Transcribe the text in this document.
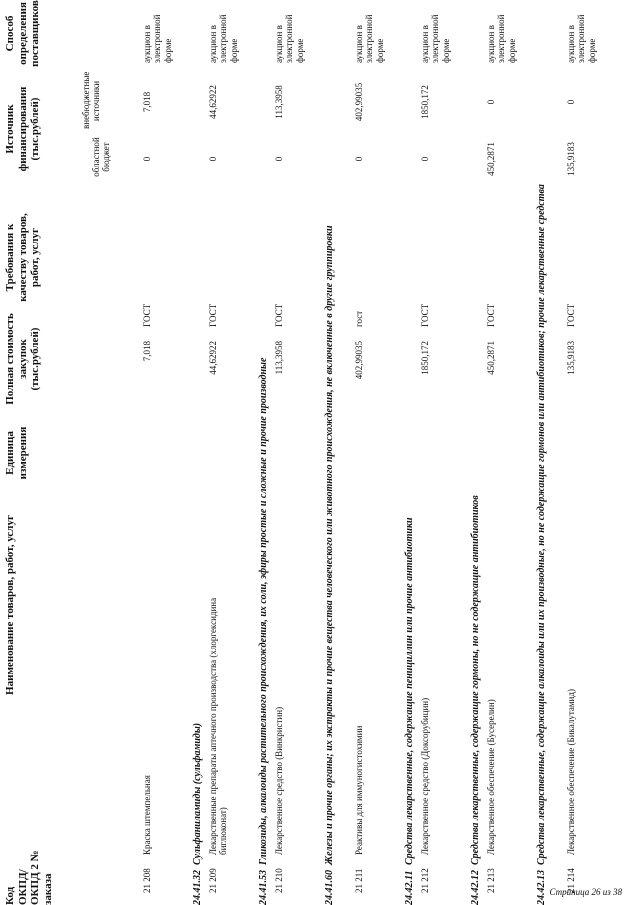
Код ОКПД/ ОКПД 2 № заказа
Наименование товаров, работ, услуг
Единица измерения
Полная стоимость закупок (тыс.рублей)
Требования к качеству товаров, работ, услуг
Источник финансирования (тыс.рублей)	областной бюджет
внебюджетные источники
Способ определения поставщиков
21 208
Краска штемпельная
7,018
ГОСТ
0
7,018
аукцион в электронной форме
24.41.32
Сульфаниламиды (сульфамиды)
21 209
Лекарственные препараты аптечного производства (хлоргексидина биглюконат)
44,62922
ГОСТ
0
44,62922
аукцион в электронной форме
24.41.53
Гликозиды, алкалоиды растительного происхождения, их соли, эфиры простые и сложные и прочие производные
21 210
Лекарственное средство (Винкристин)
113,3958
ГОСТ
0
113,3958
аукцион в электронной форме
24.41.60
Железы и прочие органы; их экстракты и прочие вещества человеческого или животного происхождения, не включенные в другие группировки
21 211
Реактивы для иммуногистохимии
402,99035
гост
0
402,99035
аукцион в электронной форме
24.42.11
Средства лекарственные, содержащие пенициллин или прочие антибиотики
21 212
Лекарственное средство (Доксорубицин)
1850,172
ГОСТ
0
1850,172
аукцион в электронной форме
24.42.12
Средства лекарственные, содержащие гормоны, но не содержащие антибиотиков
21 213
Лекарственное обеспечение (Бусерелин)
450,2871
ГОСТ
450,2871
0
аукцион в электронной форме
24.42.13
Средства лекарственные, содержащие алкалоиды или их производные, но не содержащие гормонов или антибиотиков; прочие лекарственные средства
21 214
Лекарственное обеспечение (Бикалутамид)
135,9183
ГОСТ
135,9183
0
аукцион в электронной форме
Страница 26 из 38
